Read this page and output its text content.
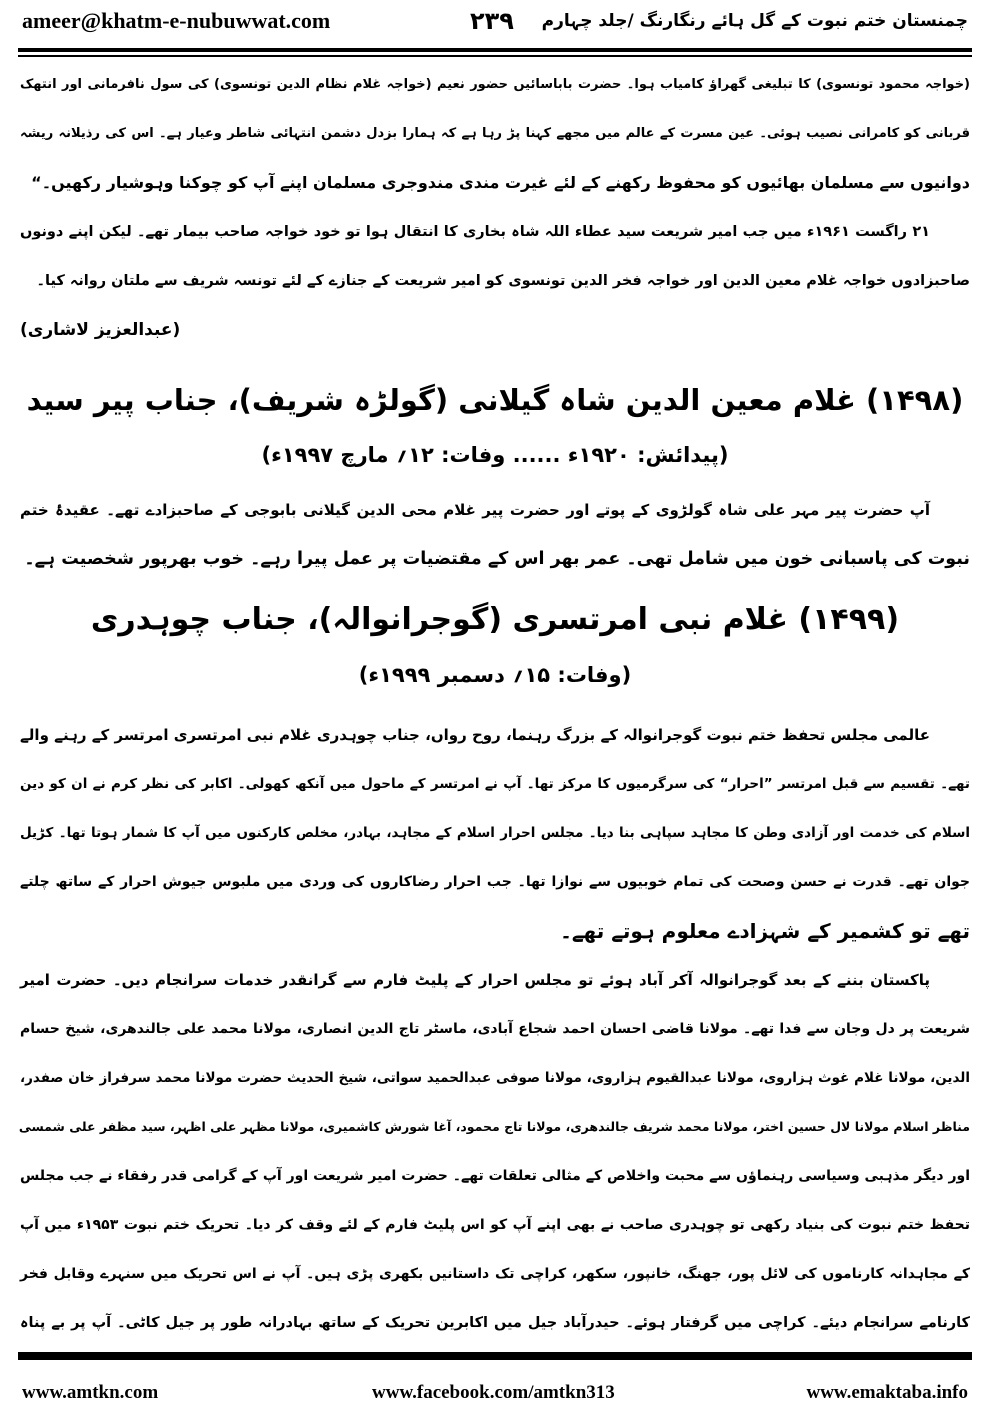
ameer@khatm-e-nubuwwat.com	۲۳۹ چمنستان ختم نبوت کے گل ہائے رنگارنگ /جلد چہارم
(خواجہ محمود تونسوی) کا تبلیغی گھراؤ کامیاب ہوا۔ حضرت باباسائیں حضور نعیم (خواجہ غلام نظام الدین تونسوی) کی سول نافرمانی اور انتھک
قربانی کو کامرانی نصیب ہوئی۔ عین مسرت کے عالم میں مجھے کہنا پڑ رہا ہے کہ ہمارا بزدل دشمن انتہائی شاطر وعیار ہے۔ اس کی رذیلانہ ریشہ
دوانیوں سے مسلمان بھائیوں کو محفوظ رکھنے کے لئے غیرت مندی مندوجری مسلمان اپنے آپ کو چوکنا وہوشیار رکھیں۔“
۲۱ راگست ۱۹۶۱ء میں جب امیر شریعت سید عطاء اللہ شاہ بخاری کا انتقال ہوا تو خود خواجہ صاحب بیمار تھے۔ لیکن اپنے دونوں
صاحبزادوں خواجہ غلام معین الدین اور خواجہ فخر الدین تونسوی کو امیر شریعت کے جنازے کے لئے تونسہ شریف سے ملتان روانہ کیا۔
(عبدالعزیز لاشاری)
(۱۴۹۸) غلام معین الدین شاہ گیلانی (گولڑہ شریف)، جناب پیر سید
(پیدائش: ۱۹۲۰ء ...... وفات: ۱۲؍ مارچ ۱۹۹۷ء)
آپ حضرت پیر مہر علی شاہ گولڑوی کے پوتے اور حضرت پیر غلام محی الدین گیلانی بابوجی کے صاحبزادے تھے۔ عقیدۂ ختم
نبوت کی پاسبانی خون میں شامل تھی۔ عمر بھر اس کے مقتضیات پر عمل پیرا رہے۔ خوب بھرپور شخصیت ہے۔
(۱۴۹۹) غلام نبی امرتسری (گوجرانوالہ)، جناب چوہدری
(وفات: ۱۵؍ دسمبر ۱۹۹۹ء)
عالمی مجلس تحفظ ختم نبوت گوجرانوالہ کے بزرگ رہنما، روح رواں، جناب چوہدری غلام نبی امرتسری امرتسر کے رہنے والے
تھے۔ تقسیم سے قبل امرتسر ”احرار“ کی سرگرمیوں کا مرکز تھا۔ آپ نے امرتسر کے ماحول میں آنکھ کھولی۔ اکابر کی نظر کرم نے ان کو دین
اسلام کی خدمت اور آزادی وطن کا مجاہد سپاہی بنا دیا۔ مجلس احرار اسلام کے مجاہد، بہادر، مخلص کارکنوں میں آپ کا شمار ہوتا تھا۔ کڑیل
جوان تھے۔ قدرت نے حسن وصحت کی تمام خوبیوں سے نوازا تھا۔ جب احرار رضاکاروں کی وردی میں ملبوس جیوش احرار کے ساتھ چلتے
تھے تو کشمیر کے شہزادے معلوم ہوتے تھے۔
پاکستان بننے کے بعد گوجرانوالہ آکر آباد ہوئے تو مجلس احرار کے پلیٹ فارم سے گرانقدر خدمات سرانجام دیں۔ حضرت امیر
شریعت پر دل وجان سے فدا تھے۔ مولانا قاضی احسان احمد شجاع آبادی، ماسٹر تاج الدین انصاری، مولانا محمد علی جالندھری، شیخ حسام
الدین، مولانا غلام غوث ہزاروی، مولانا عبدالقیوم ہزاروی، مولانا صوفی عبدالحمید سواتی، شیخ الحدیث حضرت مولانا محمد سرفراز خان صفدر،
مناظر اسلام مولانا لال حسین اختر، مولانا محمد شریف جالندھری، مولانا تاج محمود، آغا شورش کاشمیری، مولانا مظہر علی اظہر، سید مظفر علی شمسی
اور دیگر مذہبی وسیاسی رہنماؤں سے محبت واخلاص کے مثالی تعلقات تھے۔ حضرت امیر شریعت اور آپ کے گرامی قدر رفقاء نے جب مجلس
تحفظ ختم نبوت کی بنیاد رکھی تو چوہدری صاحب نے بھی اپنے آپ کو اس پلیٹ فارم کے لئے وقف کر دیا۔ تحریک ختم نبوت ۱۹۵۳ء میں آپ
کے مجاہدانہ کارناموں کی لائل پور، جھنگ، خانپور، سکھر، کراچی تک داستانیں بکھری پڑی ہیں۔ آپ نے اس تحریک میں سنہرے وقابل فخر
کارنامے سرانجام دیئے۔ کراچی میں گرفتار ہوئے۔ حیدرآباد جیل میں اکابرین تحریک کے ساتھ بہادرانہ طور پر جیل کاٹی۔ آپ پر بے پناہ
www.amtkn.com	www.facebook.com/amtkn313	www.emaktaba.info
